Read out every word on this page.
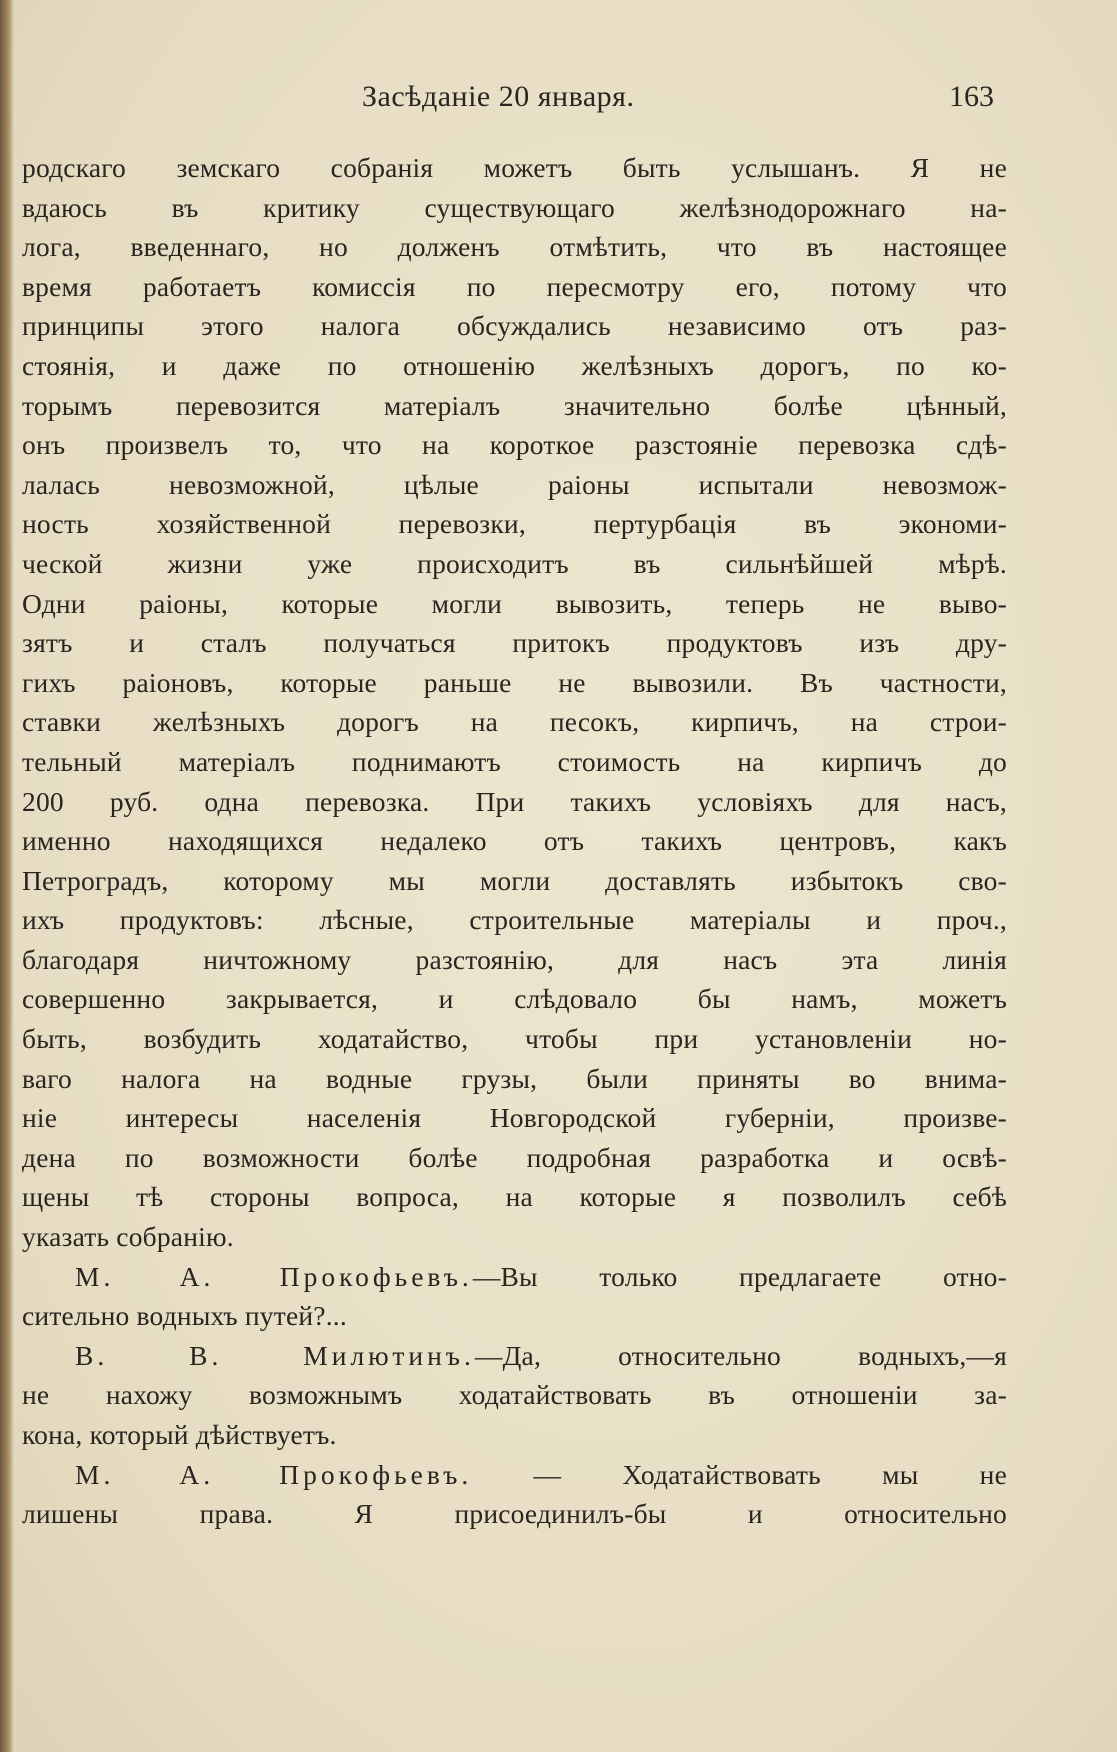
Засѣданіе 20 января.	163
родскаго земскаго собранія можетъ быть услышанъ. Я не
вдаюсь въ критику существующаго желѣзнодорожнаго на-
лога, введеннаго, но долженъ отмѣтить, что въ настоящее
время работаетъ комиссія по пересмотру его, потому что
принципы этого налога обсуждались независимо отъ раз-
стоянія, и даже по отношенію желѣзныхъ дорогъ, по ко-
торымъ перевозится матеріалъ значительно болѣе цѣнный,
онъ произвелъ то, что на короткое разстояніе перевозка сдѣ-
лалась невозможной, цѣлые раіоны испытали невозмож-
ность хозяйственной перевозки, пертурбація въ экономи-
ческой жизни уже происходитъ въ сильнѣйшей мѣрѣ.
Одни раіоны, которые могли вывозить, теперь не выво-
зятъ и сталъ получаться притокъ продуктовъ изъ дру-
гихъ раіоновъ, которые раньше не вывозили. Въ частности,
ставки желѣзныхъ дорогъ на песокъ, кирпичъ, на строи-
тельный матеріалъ поднимаютъ стоимость на кирпичъ до
200 руб. одна перевозка. При такихъ условіяхъ для насъ,
именно находящихся недалеко отъ такихъ центровъ, какъ
Петроградъ, которому мы могли доставлять избытокъ сво-
ихъ продуктовъ: лѣсные, строительные матеріалы и проч.,
благодаря ничтожному разстоянію, для насъ эта линія
совершенно закрывается, и слѣдовало бы намъ, можетъ
быть, возбудить ходатайство, чтобы при установленіи но-
ваго налога на водные грузы, были приняты во внима-
ніе интересы населенія Новгородской губерніи, произве-
дена по возможности болѣе подробная разработка и освѣ-
щены тѣ стороны вопроса, на которые я позволилъ себѣ
указать собранію.
М. А. Прокофьевъ.—Вы только предлагаете отно-
сительно водныхъ путей?...
В. В. Милютинъ.—Да, относительно водныхъ,—я
не нахожу возможнымъ ходатайствовать въ отношеніи за-
кона, который дѣйствуетъ.
М. А. Прокофьевъ. — Ходатайствовать мы не
лишены права. Я присоединилъ-бы и относительно
